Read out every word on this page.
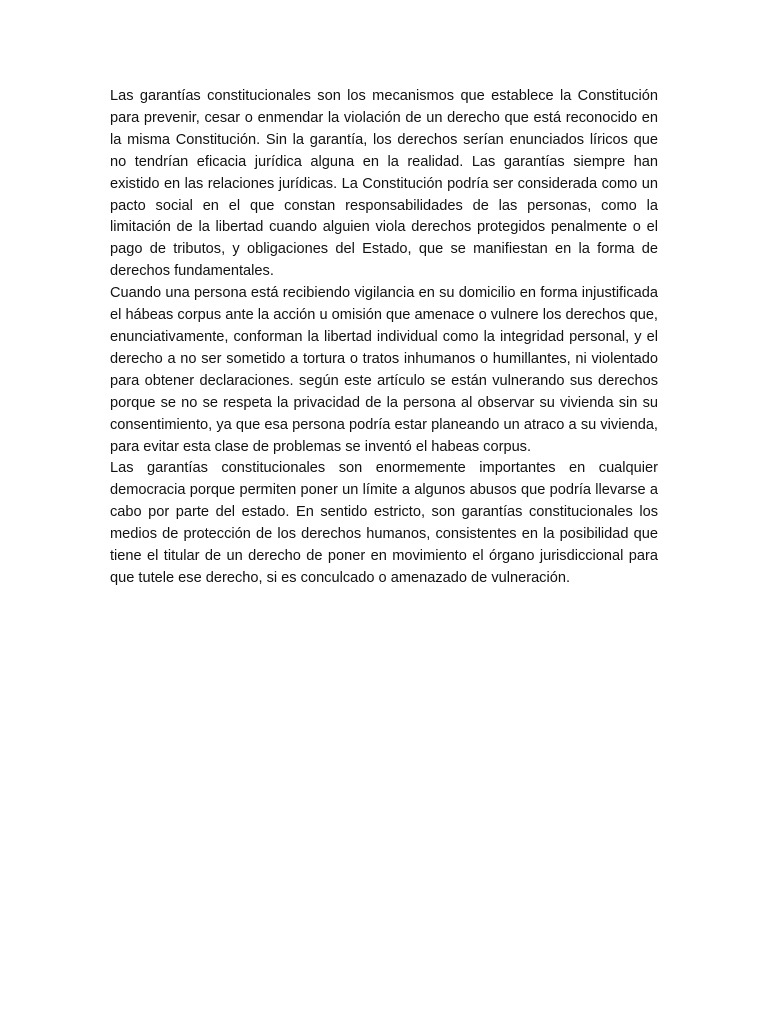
Las garantías constitucionales son los mecanismos que establece la Constitución para prevenir, cesar o enmendar la violación de un derecho que está reconocido en la misma Constitución. Sin la garantía, los derechos serían enunciados líricos que no tendrían eficacia jurídica alguna en la realidad. Las garantías siempre han existido en las relaciones jurídicas. La Constitución podría ser considerada como un pacto social en el que constan responsabilidades de las personas, como la limitación de la libertad cuando alguien viola derechos protegidos penalmente o el pago de tributos, y obligaciones del Estado, que se manifiestan en la forma de derechos fundamentales.

Cuando una persona está recibiendo vigilancia en su domicilio en forma injustificada el hábeas corpus ante la acción u omisión que amenace o vulnere los derechos que, enunciativamente, conforman la libertad individual como la integridad personal, y el derecho a no ser sometido a tortura o tratos inhumanos o humillantes, ni violentado para obtener declaraciones. según este artículo se están vulnerando sus derechos porque se no se respeta la privacidad de la persona al observar su vivienda sin su consentimiento, ya que esa persona podría estar planeando un atraco a su vivienda, para evitar esta clase de problemas se inventó el habeas corpus.

Las garantías constitucionales son enormemente importantes en cualquier democracia porque permiten poner un límite a algunos abusos que podría llevarse a cabo por parte del estado. En sentido estricto, son garantías constitucionales los medios de protección de los derechos humanos, consistentes en la posibilidad que tiene el titular de un derecho de poner en movimiento el órgano jurisdiccional para que tutele ese derecho, si es conculcado o amenazado de vulneración.
